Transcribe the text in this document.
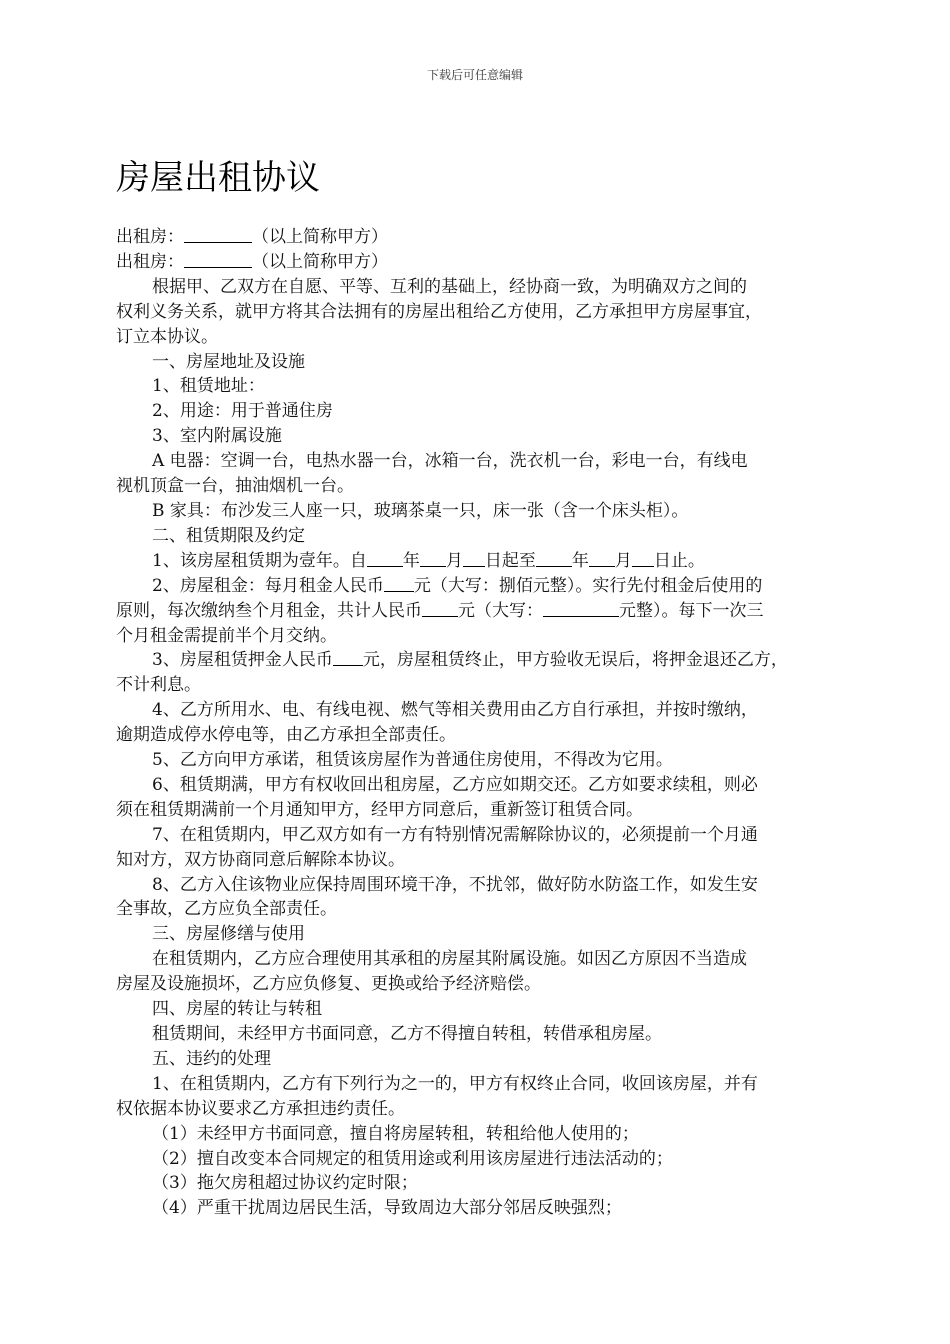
下载后可任意编辑
房屋出租协议
出租房：	（以上简称甲方）
出租房：	（以上简称甲方）
根据甲、乙双方在自愿、平等、互利的基础上，经协商一致，为明确双方之间的
权利义务关系，就甲方将其合法拥有的房屋出租给乙方使用，乙方承担甲方房屋事宜，
订立本协议。
一、房屋地址及设施
1、租赁地址：
2、用途：用于普通住房
3、室内附属设施
A 电器：空调一台，电热水器一台，冰箱一台，洗衣机一台，彩电一台，有线电
视机顶盒一台，抽油烟机一台。
B 家具：布沙发三人座一只，玻璃茶桌一只，床一张（含一个床头柜）。
二、租赁期限及约定
1、该房屋租赁期为壹年。自 年 月 日起至 年 月 日止。
2、房屋租金：每月租金人民币 元（大写：捌佰元整）。实行先付租金后使用的
原则，每次缴纳叁个月租金，共计人民币 元（大写：	元整）。每下一次三
个月租金需提前半个月交纳。
3、房屋租赁押金人民币 元，房屋租赁终止，甲方验收无误后，将押金退还乙方，
不计利息。
4、乙方所用水、电、有线电视、燃气等相关费用由乙方自行承担，并按时缴纳，
逾期造成停水停电等，由乙方承担全部责任。
5、乙方向甲方承诺，租赁该房屋作为普通住房使用，不得改为它用。
6、租赁期满，甲方有权收回出租房屋，乙方应如期交还。乙方如要求续租，则必
须在租赁期满前一个月通知甲方，经甲方同意后，重新签订租赁合同。
7、在租赁期内，甲乙双方如有一方有特别情况需解除协议的，必须提前一个月通
知对方，双方协商同意后解除本协议。
8、乙方入住该物业应保持周围环境干净，不扰邻，做好防水防盗工作，如发生安
全事故，乙方应负全部责任。
三、房屋修缮与使用
在租赁期内，乙方应合理使用其承租的房屋其附属设施。如因乙方原因不当造成
房屋及设施损坏，乙方应负修复、更换或给予经济赔偿。
四、房屋的转让与转租
租赁期间，未经甲方书面同意，乙方不得擅自转租，转借承租房屋。
五、违约的处理
1、在租赁期内，乙方有下列行为之一的，甲方有权终止合同，收回该房屋，并有
权依据本协议要求乙方承担违约责任。
（1）未经甲方书面同意，擅自将房屋转租，转租给他人使用的；
（2）擅自改变本合同规定的租赁用途或利用该房屋进行违法活动的；
（3）拖欠房租超过协议约定时限；
（4）严重干扰周边居民生活，导致周边大部分邻居反映强烈；
